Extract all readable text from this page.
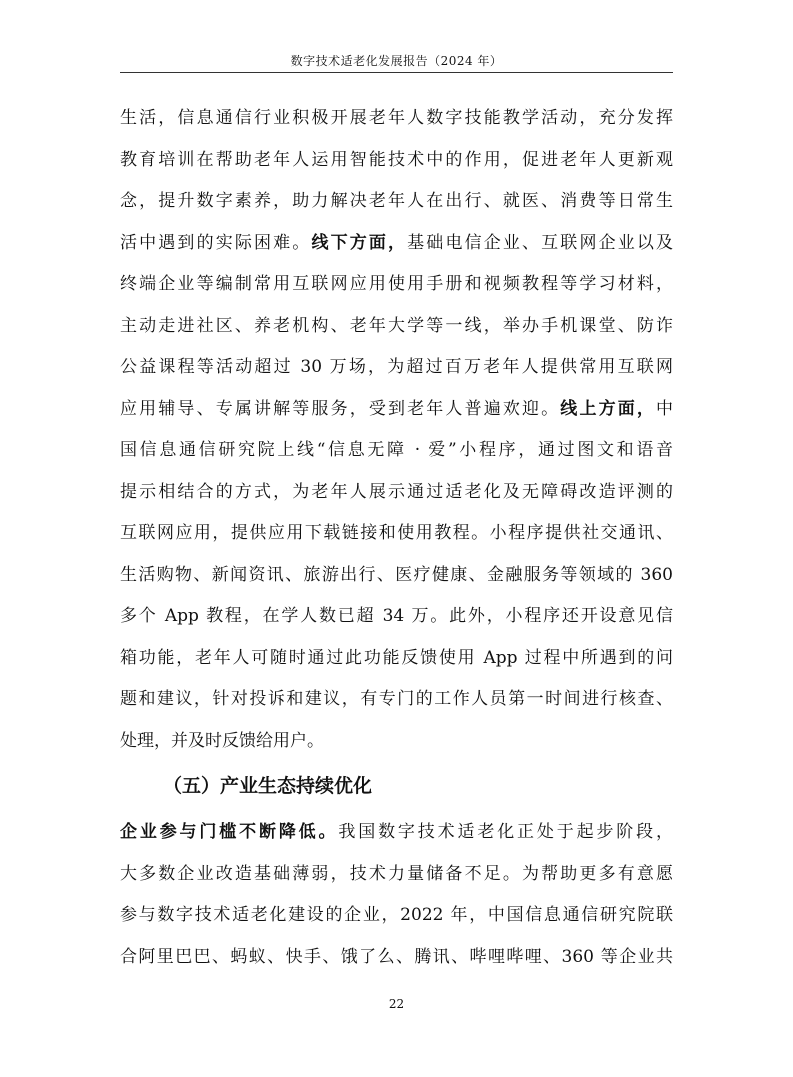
数字技术适老化发展报告（2024 年）
生活，信息通信行业积极开展老年人数字技能教学活动，充分发挥
教育培训在帮助老年人运用智能技术中的作用，促进老年人更新观
念，提升数字素养，助力解决老年人在出行、就医、消费等日常生
活中遇到的实际困难。线下方面，基础电信企业、互联网企业以及
终端企业等编制常用互联网应用使用手册和视频教程等学习材料，
主动走进社区、养老机构、老年大学等一线，举办手机课堂、防诈
公益课程等活动超过 30 万场，为超过百万老年人提供常用互联网
应用辅导、专属讲解等服务，受到老年人普遍欢迎。线上方面，中
国信息通信研究院上线“信息无障 · 爱”小程序，通过图文和语音
提示相结合的方式，为老年人展示通过适老化及无障碍改造评测的
互联网应用，提供应用下载链接和使用教程。小程序提供社交通讯、
生活购物、新闻资讯、旅游出行、医疗健康、金融服务等领域的 360
多个 App 教程，在学人数已超 34 万。此外，小程序还开设意见信
箱功能，老年人可随时通过此功能反馈使用 App 过程中所遇到的问
题和建议，针对投诉和建议，有专门的工作人员第一时间进行核查、
处理，并及时反馈给用户。
（五）产业生态持续优化
企业参与门槛不断降低。我国数字技术适老化正处于起步阶段，
大多数企业改造基础薄弱，技术力量储备不足。为帮助更多有意愿
参与数字技术适老化建设的企业，2022 年，中国信息通信研究院联
合阿里巴巴、蚂蚁、快手、饿了么、腾讯、哔哩哔哩、360 等企业共
22
